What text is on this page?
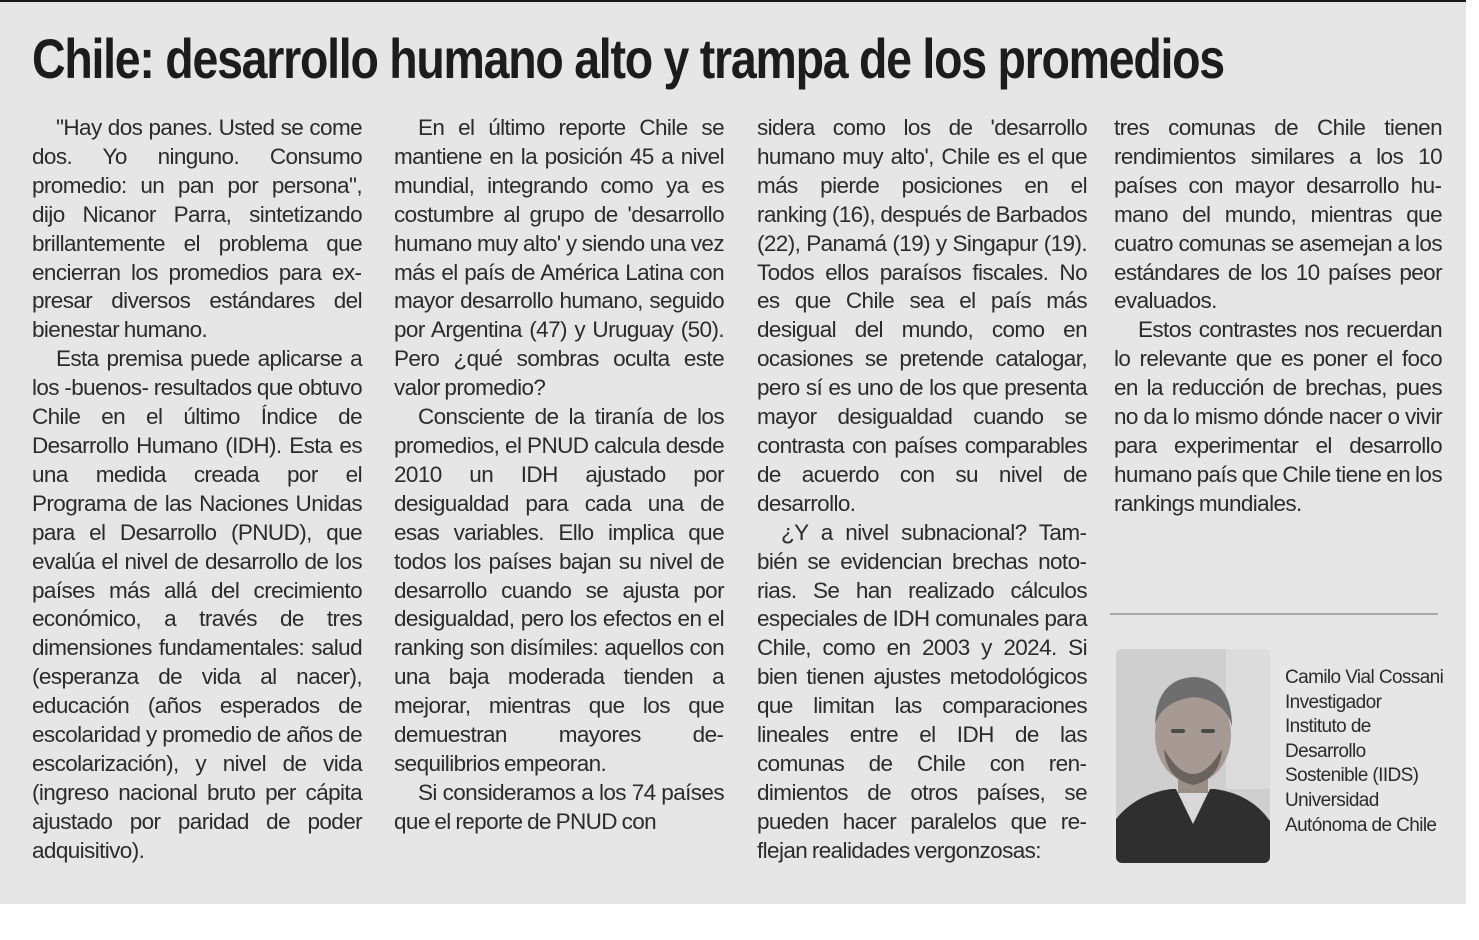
Chile: desarrollo humano alto y trampa de los promedios

"Hay dos panes. Usted se come dos. Yo ninguno. Consumo promedio: un pan por persona", dijo Nicanor Parra, sintetizando brillantemente el problema que encierran los promedios para expresar diversos estándares del bienestar humano.

Esta premisa puede aplicarse a los -buenos- resultados que obtuvo Chile en el último Índice de Desarrollo Humano (IDH). Esta es una medida creada por el Programa de las Naciones Unidas para el Desarrollo (PNUD), que evalúa el nivel de desarrollo de los países más allá del crecimiento económico, a través de tres dimensiones fundamentales: salud (esperanza de vida al nacer), educación (años esperados de escolaridad y promedio de años de escolarización), y nivel de vida (ingreso nacional bruto per cápita ajustado por paridad de poder adquisitivo).

En el último reporte Chile se mantiene en la posición 45 a nivel mundial, integrando como ya es costumbre al grupo de 'desarrollo humano muy alto' y siendo una vez más el país de América Latina con mayor desarrollo humano, seguido por Argentina (47) y Uruguay (50). Pero ¿qué sombras oculta este valor promedio?

Consciente de la tiranía de los promedios, el PNUD calcula desde 2010 un IDH ajustado por desigualdad para cada una de esas variables. Ello implica que todos los países bajan su nivel de desarrollo cuando se ajusta por desigualdad, pero los efectos en el ranking son disímiles: aquellos con una baja moderada tienden a mejorar, mientras que los que demuestran mayores desequilibrios empeoran.

Si consideramos a los 74 países que el reporte de PNUD con

sidera como los de 'desarrollo humano muy alto', Chile es el que más pierde posiciones en el ranking (16), después de Barbados (22), Panamá (19) y Singapur (19). Todos ellos paraísos fiscales. No es que Chile sea el país más desigual del mundo, como en ocasiones se pretende catalogar, pero sí es uno de los que presenta mayor desigualdad cuando se contrasta con países comparables de acuerdo con su nivel de desarrollo.

¿Y a nivel subnacional? También se evidencian brechas notorias. Se han realizado cálculos especiales de IDH comunales para Chile, como en 2003 y 2024. Si bien tienen ajustes metodológicos que limitan las comparaciones lineales entre el IDH de las comunas de Chile con rendimientos de otros países, se pueden hacer paralelos que reflejan realidades vergonzosas:

tres comunas de Chile tienen rendimientos similares a los 10 países con mayor desarrollo humano del mundo, mientras que cuatro comunas se asemejan a los estándares de los 10 países peor evaluados.

Estos contrastes nos recuerdan lo relevante que es poner el foco en la reducción de brechas, pues no da lo mismo dónde nacer o vivir para experimentar el desarrollo humano país que Chile tiene en los rankings mundiales.

Camilo Vial Cossani
Investigador
Instituto de
Desarrollo
Sostenible (IIDS)
Universidad
Autónoma de Chile
